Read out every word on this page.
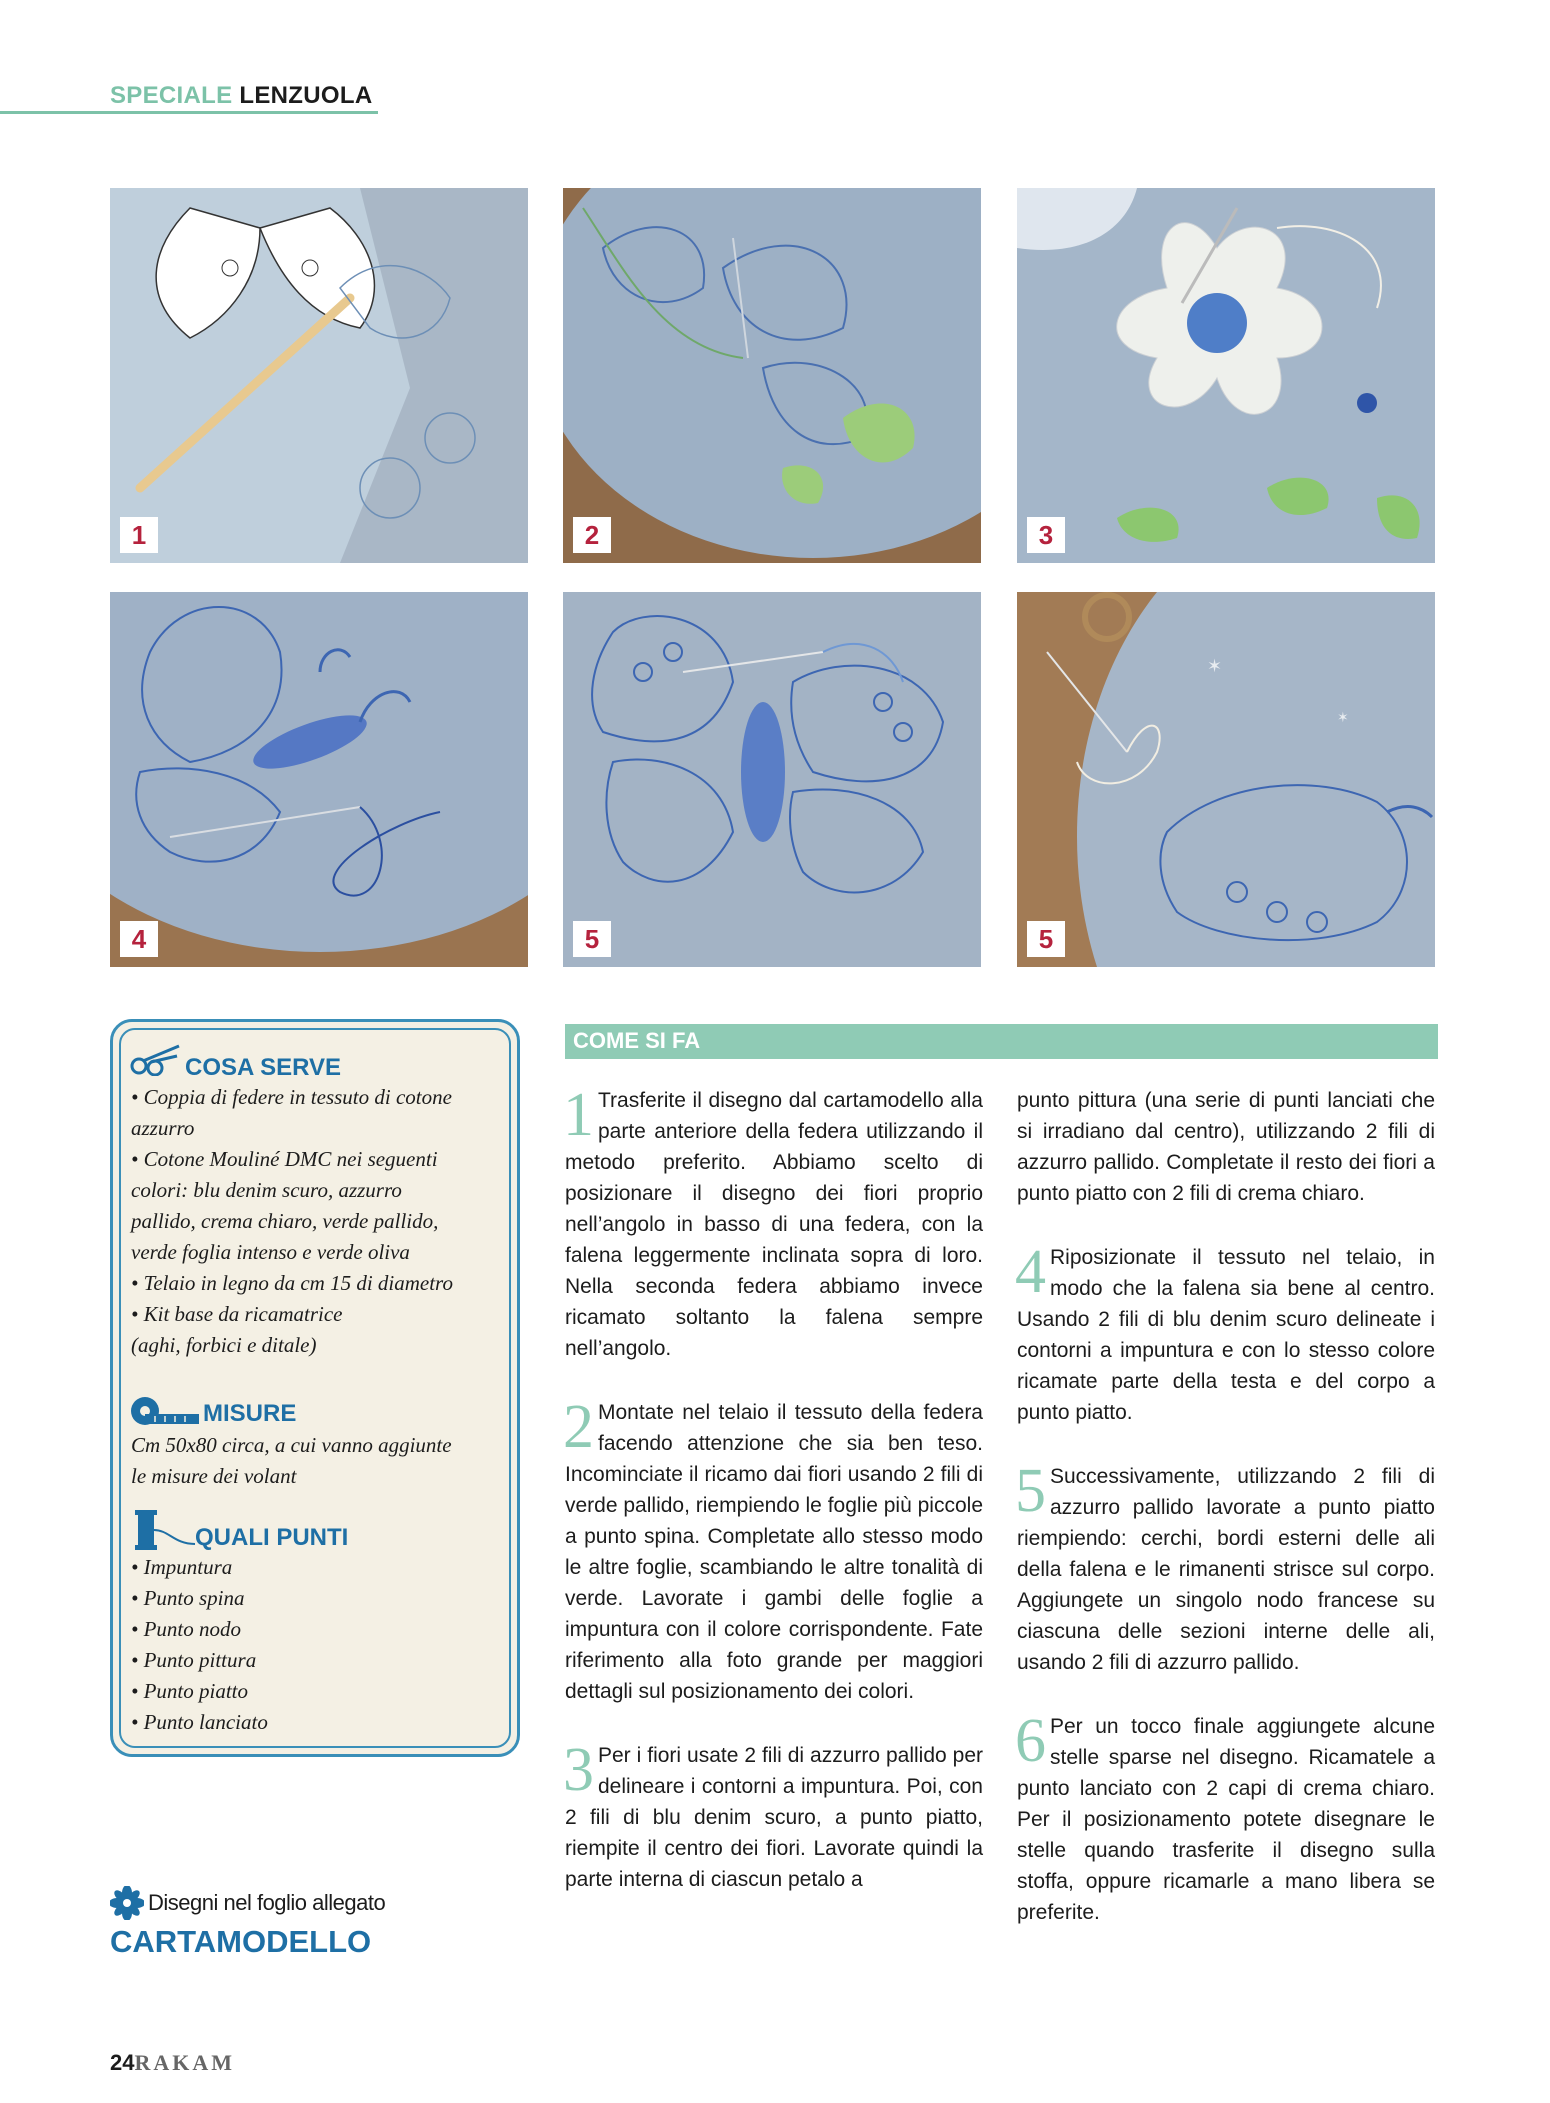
SPECIALE LENZUOLA
1	2	3
4	5
✶
✶
5
COSA SERVE
• Coppia di federe in tessuto di cotone
azzurro
• Cotone Mouliné DMC nei seguenti
colori: blu denim scuro, azzurro
pallido, crema chiaro, verde pallido,
verde foglia intenso e verde oliva
• Telaio in legno da cm 15 di diametro
• Kit base da ricamatrice
(aghi, forbici e ditale)
MISURE
Cm 50x80 circa, a cui vanno aggiunte
le misure dei volant
QUALI PUNTI
• Impuntura
• Punto spina
• Punto nodo
• Punto pittura
• Punto piatto
• Punto lanciato
COME SI FA

1 Trasferite il disegno dal cartamodello alla parte anteriore della federa utilizzando il metodo preferito. Abbiamo scelto di posizionare il disegno dei fiori proprio nell’angolo in basso di una federa, con la falena leggermente inclinata sopra di loro. Nella seconda federa abbiamo invece ricamato soltanto la falena sempre nell’angolo.

2 Montate nel telaio il tessuto della federa facendo attenzione che sia ben teso. Incominciate il ricamo dai fiori usando 2 fili di verde pallido, riempiendo le foglie più piccole a punto spina. Completate allo stesso modo le altre foglie, scambiando le altre tonalità di verde. Lavorate i gambi delle foglie a impuntura con il colore corrispondente. Fate riferimento alla foto grande per maggiori dettagli sul posizionamento dei colori.

3 Per i fiori usate 2 fili di azzurro pallido per delineare i contorni a impuntura. Poi, con 2 fili di blu denim scuro, a punto piatto, riempite il centro dei fiori. Lavorate quindi la parte interna di ciascun petalo a

punto pittura (una serie di punti lanciati che si irradiano dal centro), utilizzando 2 fili di azzurro pallido. Completate il resto dei fiori a punto piatto con 2 fili di crema chiaro.

4 Riposizionate il tessuto nel telaio, in modo che la falena sia bene al centro. Usando 2 fili di blu denim scuro delineate i contorni a impuntura e con lo stesso colore ricamate parte della testa e del corpo a punto piatto.

5 Successivamente, utilizzando 2 fili di azzurro pallido lavorate a punto piatto riempiendo: cerchi, bordi esterni delle ali della falena e le rimanenti strisce sul corpo. Aggiungete un singolo nodo francese su ciascuna delle sezioni interne delle ali, usando 2 fili di azzurro pallido.

6 Per un tocco finale aggiungete alcune stelle sparse nel disegno. Ricamatele a punto lanciato con 2 capi di crema chiaro. Per il posizionamento potete disegnare le stelle quando trasferite il disegno sulla stoffa, oppure ricamarle a mano libera se preferite.

Disegni nel foglio allegato
CARTAMODELLO
24RAKAM
